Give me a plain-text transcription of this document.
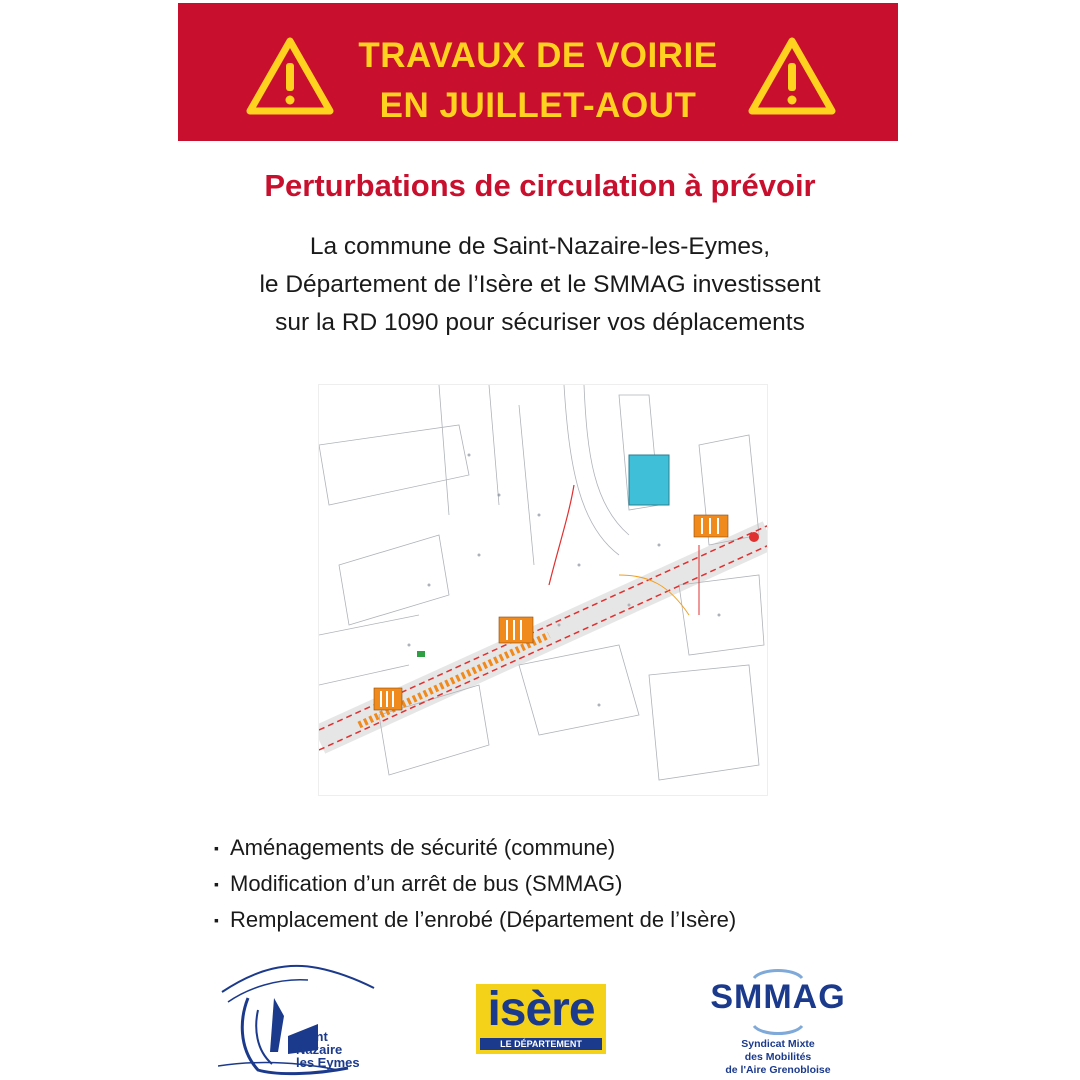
TRAVAUX DE VOIRIE
EN JUILLET-AOUT
Perturbations de circulation à prévoir
La commune de Saint-Nazaire-les-Eymes,
le Département de l’Isère et le SMMAG investissent
sur la RD 1090 pour sécuriser vos déplacements
▪ Aménagements de sécurité (commune)
▪ Modification d’un arrêt de bus (SMMAG)
▪ Remplacement de l’enrobé (Département de l’Isère)
Saint
Nazaire
les Eymes
isère
LE DÉPARTEMENT
SMMAG
Syndicat Mixte
des Mobilités
de l'Aire Grenobloise
